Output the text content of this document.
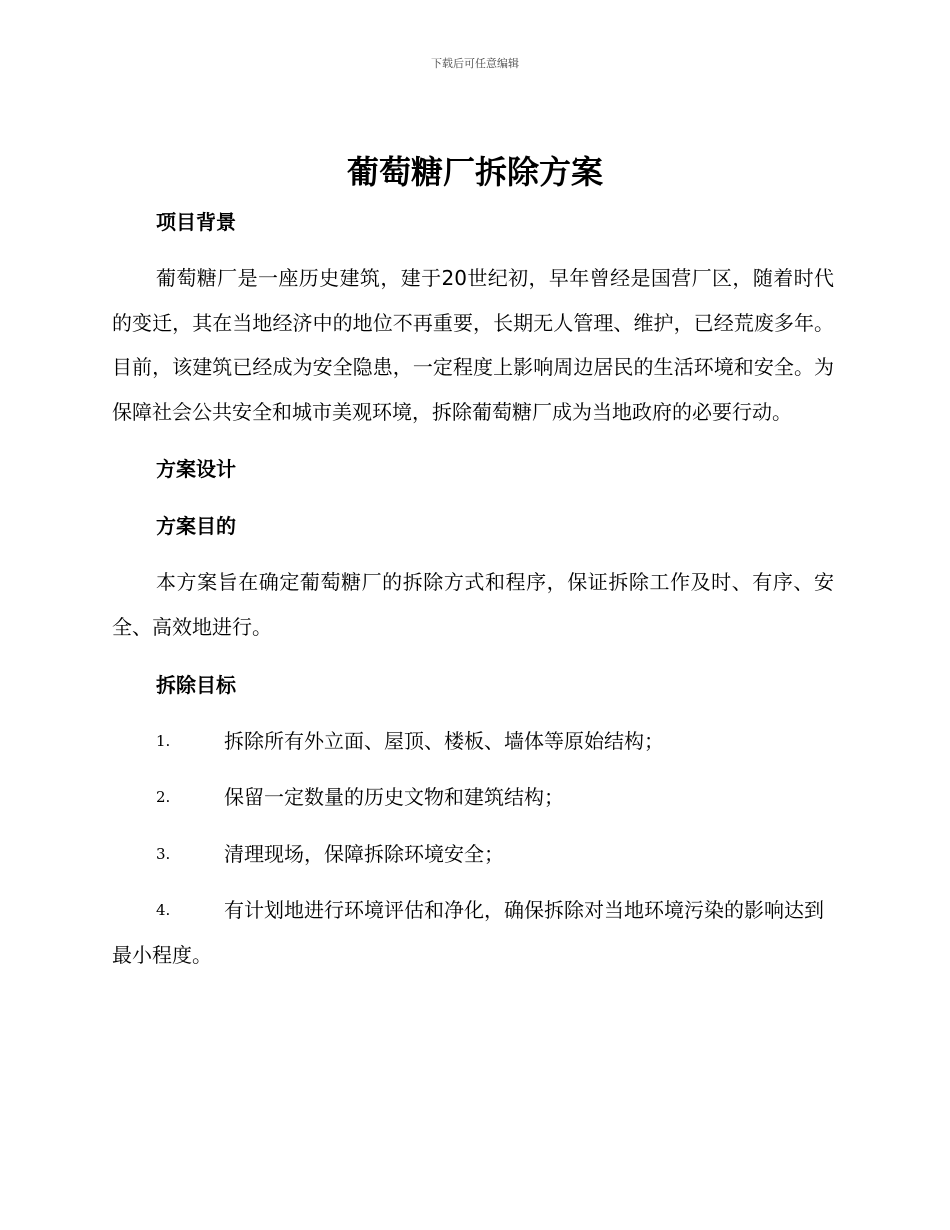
下载后可任意编辑
葡萄糖厂拆除方案

项目背景

葡萄糖厂是一座历史建筑，建于20世纪初，早年曾经是国营厂区，随着时代的变迁，其在当地经济中的地位不再重要，长期无人管理、维护，已经荒废多年。目前，该建筑已经成为安全隐患，一定程度上影响周边居民的生活环境和安全。为保障社会公共安全和城市美观环境，拆除葡萄糖厂成为当地政府的必要行动。

方案设计

方案目的

本方案旨在确定葡萄糖厂的拆除方式和程序，保证拆除工作及时、有序、安全、高效地进行。

拆除目标

1.	拆除所有外立面、屋顶、楼板、墙体等原始结构；
2.	保留一定数量的历史文物和建筑结构；
3.	清理现场，保障拆除环境安全；
4.	有计划地进行环境评估和净化，确保拆除对当地环境污染的影响达到最小程度。
